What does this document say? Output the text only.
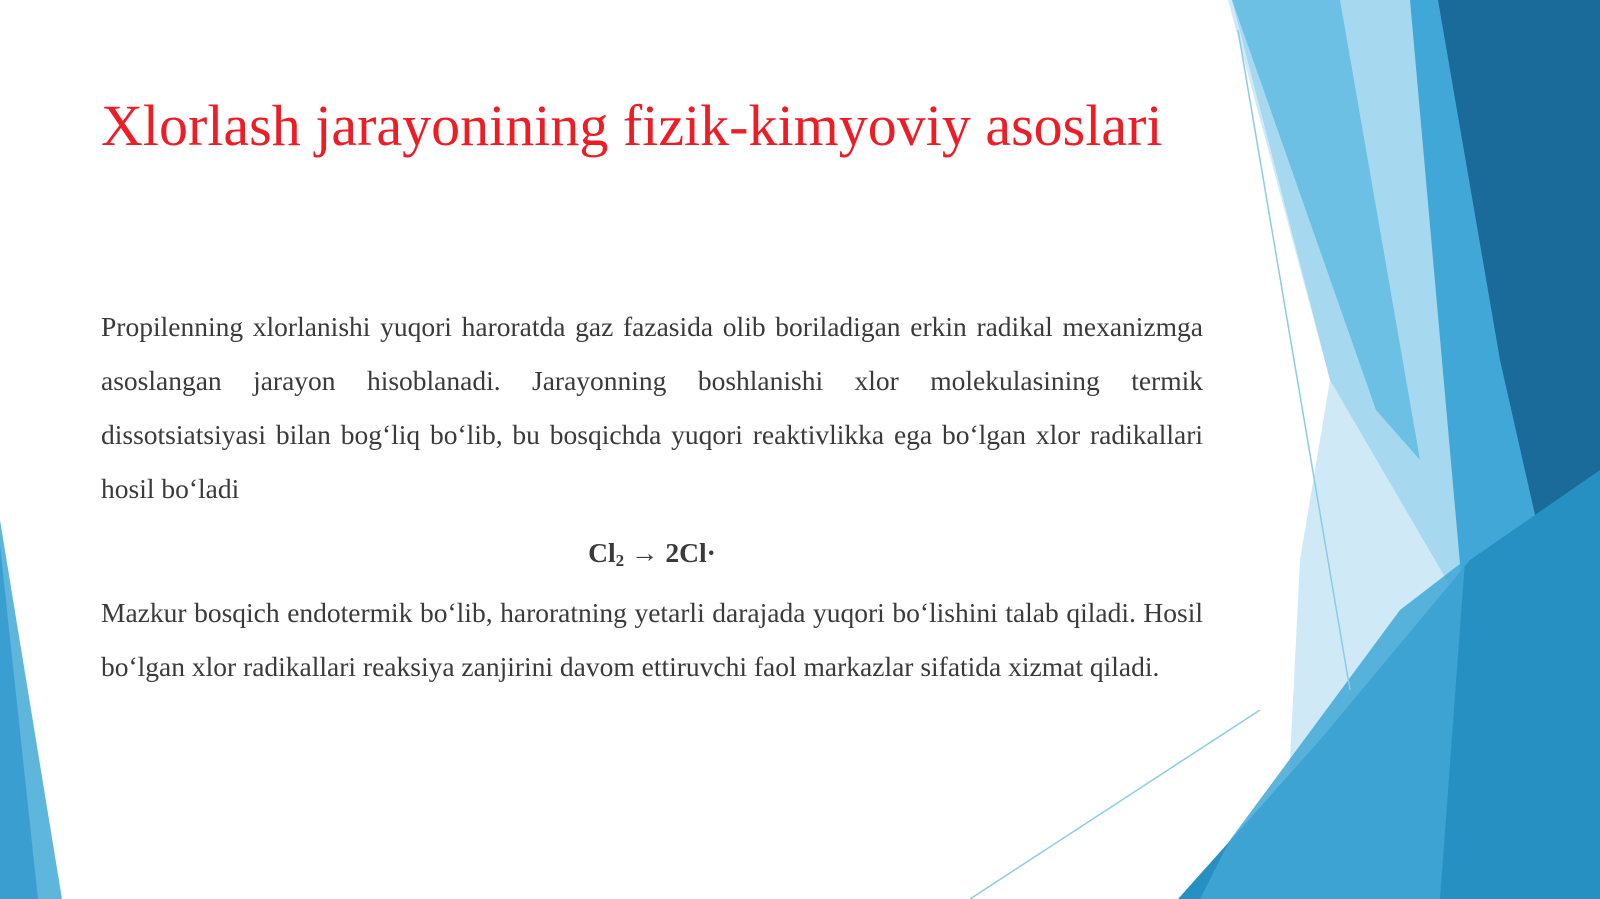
Xlorlash jarayonining fizik-kimyoviy asoslari

Propilenning xlorlanishi yuqori haroratda gaz fazasida olib boriladigan erkin radikal mexanizmga asoslangan jarayon hisoblanadi. Jarayonning boshlanishi xlor molekulasining termik dissotsiatsiyasi bilan bog‘liq bo‘lib, bu bosqichda yuqori reaktivlikka ega bo‘lgan xlor radikallari hosil bo‘ladi

$Cl_2 \to 2Cl\cdot$

Mazkur bosqich endotermik bo‘lib, haroratning yetarli darajada yuqori bo‘lishini talab qiladi. Hosil bo‘lgan xlor radikallari reaksiya zanjirini davom ettiruvchi faol markazlar sifatida xizmat qiladi.
